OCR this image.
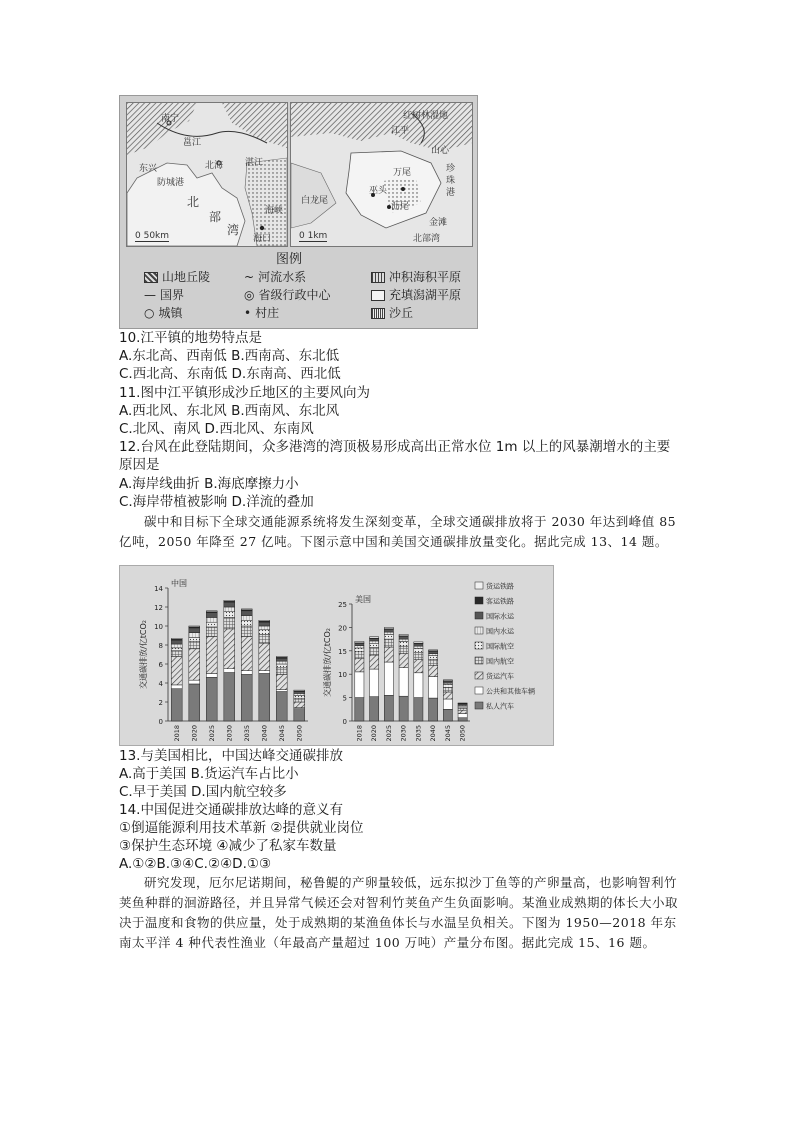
南宁
邕江
东兴
防城港
北海 湛江
海口
北
部
湾
海峡
0 50km
江平
红树林湿地
山心
珍珠港
万尾
巫头
沥尾
金滩
白龙尾
北部湾
0 1km
图例
山地丘陵	~ 河流水系	冲积海积平原
— 国界	◎ 省级行政中心	充填潟湖平原
○ 城镇	• 村庄	沙丘
10.江平镇的地势特点是
A.东北高、西南低 B.西南高、东北低
C.西北高、东南低 D.东南高、西北低
11.图中江平镇形成沙丘地区的主要风向为
A.西北风、东北风 B.西南风、东北风
C.北风、南风 D.西北风、东南风
12.台风在此登陆期间，众多港湾的湾顶极易形成高出正常水位 1m 以上的风暴潮增水的主要原因是
A.海岸线曲折 B.海底摩擦力小
C.海岸带植被影响 D.洋流的叠加
碳中和目标下全球交通能源系统将发生深刻变革，全球交通碳排放将于 2030 年达到峰值 85 亿吨，2050 年降至 27 亿吨。下图示意中国和美国交通碳排放量变化。据此完成 13、14 题。
0
2
4
6
8
10
12
14
中国
交通碳排放/亿tCO₂
2018 2020 2025 2030 2035 2040 2045 2050
0
5
10
15
20
25
美国
交通碳排放/亿tCO₂
2018 2020 2025 2030 2035 2040 2045 2050
货运铁路
客运铁路
国际水运
国内水运
国际航空
国内航空
货运汽车
公共和其他车辆
私人汽车
13.与美国相比，中国达峰交通碳排放
A.高于美国 B.货运汽车占比小
C.早于美国 D.国内航空较多
14.中国促进交通碳排放达峰的意义有
①倒逼能源利用技术革新 ②提供就业岗位
③保护生态环境 ④减少了私家车数量
A.①②B.③④C.②④D.①③
研究发现，厄尔尼诺期间，秘鲁鳀的产卵量较低，远东拟沙丁鱼等的产卵量高，也影响智利竹荚鱼种群的洄游路径，并且异常气候还会对智利竹荚鱼产生负面影响。某渔业成熟期的体长大小取决于温度和食物的供应量，处于成熟期的某渔鱼体长与水温呈负相关。下图为 1950—2018 年东南太平洋 4 种代表性渔业（年最高产量超过 100 万吨）产量分布图。据此完成 15、16 题。
